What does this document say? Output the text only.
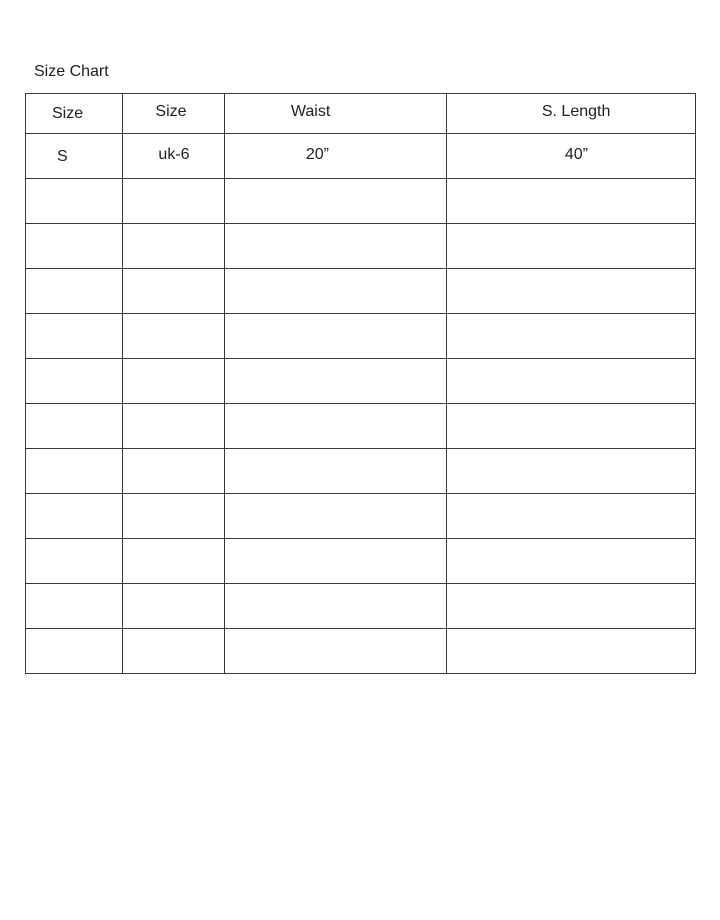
Size Chart
Size	Size	Waist	S. Length

S	uk-6	20”	40”
